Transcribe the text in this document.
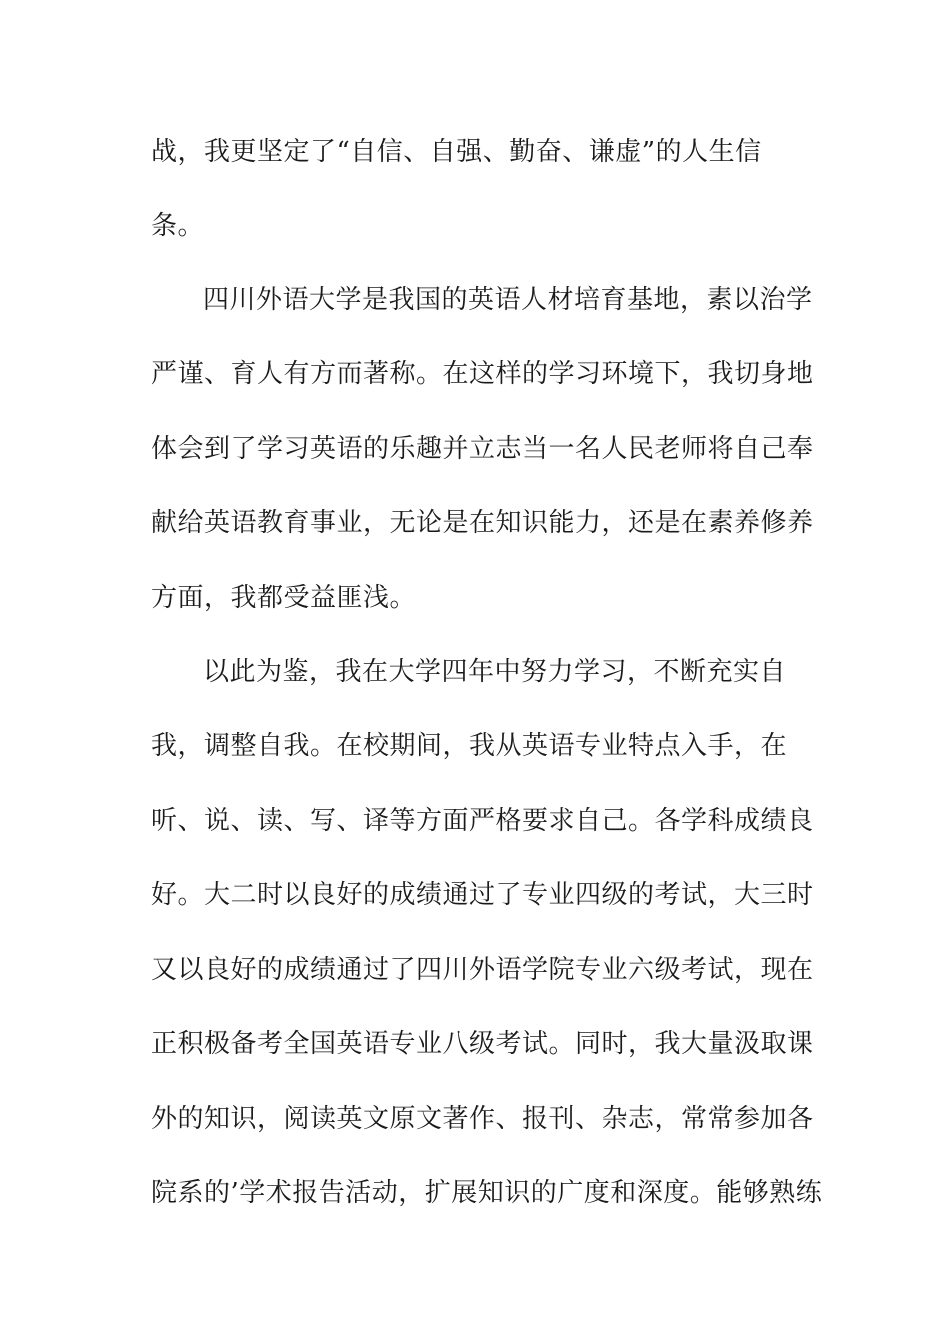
战，我更坚定了“自信、自强、勤奋、谦虚”的人生信

条。

四川外语大学是我国的英语人材培育基地，素以治学

严谨、育人有方而著称。在这样的学习环境下，我切身地

体会到了学习英语的乐趣并立志当一名人民老师将自己奉

献给英语教育事业，无论是在知识能力，还是在素养修养

方面，我都受益匪浅。

以此为鉴，我在大学四年中努力学习，不断充实自

我，调整自我。在校期间，我从英语专业特点入手，在

听、说、读、写、译等方面严格要求自己。各学科成绩良

好。大二时以良好的成绩通过了专业四级的考试，大三时

又以良好的成绩通过了四川外语学院专业六级考试，现在

正积极备考全国英语专业八级考试。同时，我大量汲取课

外的知识，阅读英文原文著作、报刊、杂志，常常参加各

院系的’学术报告活动，扩展知识的广度和深度。能够熟练
